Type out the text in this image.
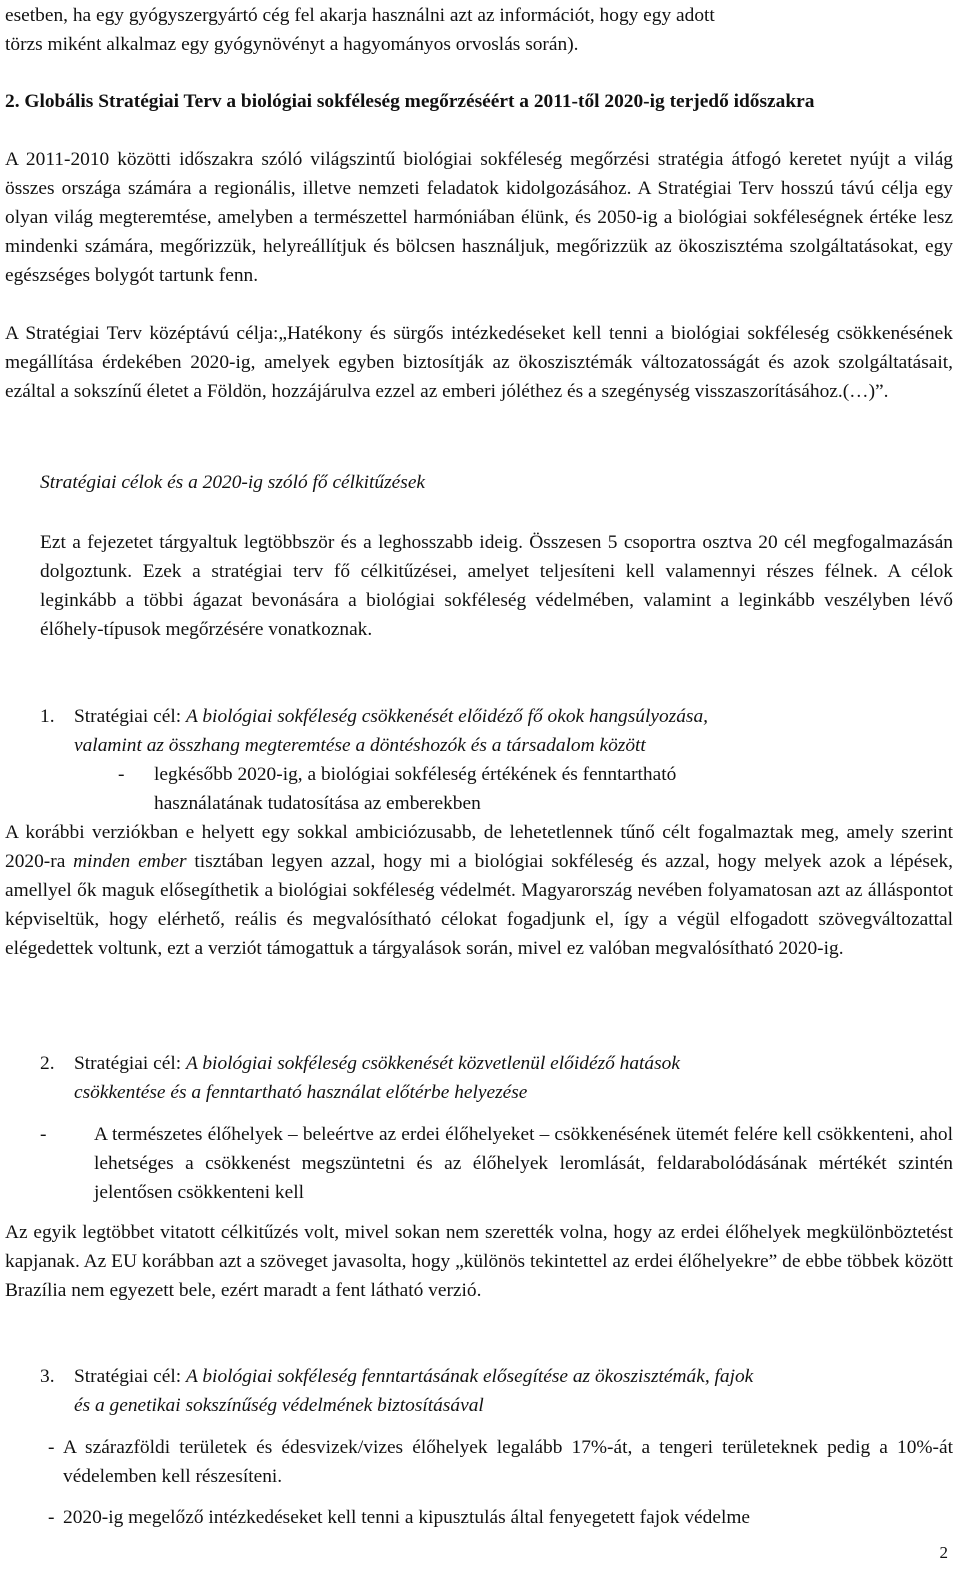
esetben, ha egy gyógyszergyártó cég fel akarja használni azt az információt, hogy egy adott
törzs miként alkalmaz egy gyógynövényt a hagyományos orvoslás során).

2. Globális Stratégiai Terv a biológiai sokféleség megőrzéséért a 2011-től 2020-ig terjedő időszakra

A 2011-2010 közötti időszakra szóló világszintű biológiai sokféleség megőrzési stratégia átfogó keretet nyújt a világ összes országa számára a regionális, illetve nemzeti feladatok kidolgozásához. A Stratégiai Terv hosszú távú célja egy olyan világ megteremtése, amelyben a természettel harmóniában élünk, és 2050-ig a biológiai sokféleségnek értéke lesz mindenki számára, megőrizzük, helyreállítjuk és bölcsen használjuk, megőrizzük az ökoszisztéma szolgáltatásokat, egy egészséges bolygót tartunk fenn.

A Stratégiai Terv középtávú célja:„Hatékony és sürgős intézkedéseket kell tenni a biológiai sokféleség csökkenésének megállítása érdekében 2020-ig, amelyek egyben biztosítják az ökoszisztémák változatosságát és azok szolgáltatásait, ezáltal a sokszínű életet a Földön, hozzájárulva ezzel az emberi jóléthez és a szegénység visszaszorításához.(…)”.

Stratégiai célok és a 2020-ig szóló fő célkitűzések

Ezt a fejezetet tárgyaltuk legtöbbször és a leghosszabb ideig. Összesen 5 csoportra osztva 20 cél megfogalmazásán dolgoztunk. Ezek a stratégiai terv fő célkitűzései, amelyet teljesíteni kell valamennyi részes félnek. A célok leginkább a többi ágazat bevonására a biológiai sokféleség védelmében, valamint a leginkább veszélyben lévő élőhely-típusok megőrzésére vonatkoznak.

1. Stratégiai cél: A biológiai sokféleség csökkenését előidéző fő okok hangsúlyozása,
valamint az összhang megteremtése a döntéshozók és a társadalom között
- legkésőbb 2020-ig, a biológiai sokféleség értékének és fenntartható
használatának tudatosítása az emberekben

A korábbi verziókban e helyett egy sokkal ambiciózusabb, de lehetetlennek tűnő célt fogalmaztak meg, amely szerint 2020-ra minden ember tisztában legyen azzal, hogy mi a biológiai sokféleség és azzal, hogy melyek azok a lépések, amellyel ők maguk elősegíthetik a biológiai sokféleség védelmét. Magyarország nevében folyamatosan azt az álláspontot képviseltük, hogy elérhető, reális és megvalósítható célokat fogadjunk el, így a végül elfogadott szövegváltozattal elégedettek voltunk, ezt a verziót támogattuk a tárgyalások során, mivel ez valóban megvalósítható 2020-ig.

2. Stratégiai cél: A biológiai sokféleség csökkenését közvetlenül előidéző hatások
csökkentése és a fenntartható használat előtérbe helyezése
- A természetes élőhelyek – beleértve az erdei élőhelyeket – csökkenésének ütemét felére kell csökkenteni, ahol lehetséges a csökkenést megszüntetni és az élőhelyek leromlását, feldarabolódásának mértékét szintén jelentősen csökkenteni kell

Az egyik legtöbbet vitatott célkitűzés volt, mivel sokan nem szerették volna, hogy az erdei élőhelyek megkülönböztetést kapjanak. Az EU korábban azt a szöveget javasolta, hogy „különös tekintettel az erdei élőhelyekre” de ebbe többek között Brazília nem egyezett bele, ezért maradt a fent látható verzió.

3. Stratégiai cél: A biológiai sokféleség fenntartásának elősegítése az ökoszisztémák, fajok
és a genetikai sokszínűség védelmének biztosításával
- A szárazföldi területek és édesvizek/vizes élőhelyek legalább 17%-át, a tengeri területeknek pedig a 10%-át védelemben kell részesíteni.

- 2020-ig megelőző intézkedéseket kell tenni a kipusztulás által fenyegetett fajok védelme

2
